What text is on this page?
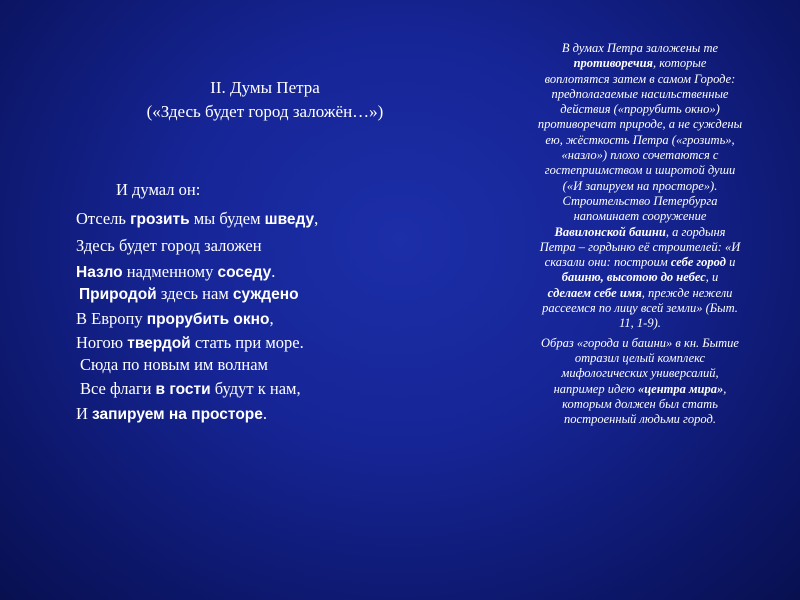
II. Думы Петра
(«Здесь будет город заложён…»)
И думал он:
Отсель грозить мы будем шведу,
Здесь будет город заложен
Назло надменному соседу.
Природой здесь нам суждено
В Европу прорубить окно,
Ногою твердой стать при море.
Сюда по новым им волнам
Все флаги в гости будут к нам,
И запируем на просторе.
В думах Петра заложены те
противоречия, которые
воплотятся затем в самом Городе:
предполагаемые насильственные
действия («прорубить окно»)
противоречат природе, а не суждены
ею, жёсткость Петра («грозить»,
«назло») плохо сочетаются с
гостеприимством и широтой души
(«И запируем на просторе»).
Строительство Петербурга
напоминает сооружение
Вавилонской башни, а гордыня
Петра – гордыню её строителей: «И
сказали они: построим себе город и
башню, высотою до небес, и
сделаем себе имя, прежде нежели
рассеемся по лицу всей земли» (Быт.
11, 1-9).
Образ «города и башни» в кн. Бытие
отразил целый комплекс
мифологических универсалий,
например идею «центра мира»,
которым должен был стать
построенный людьми город.
